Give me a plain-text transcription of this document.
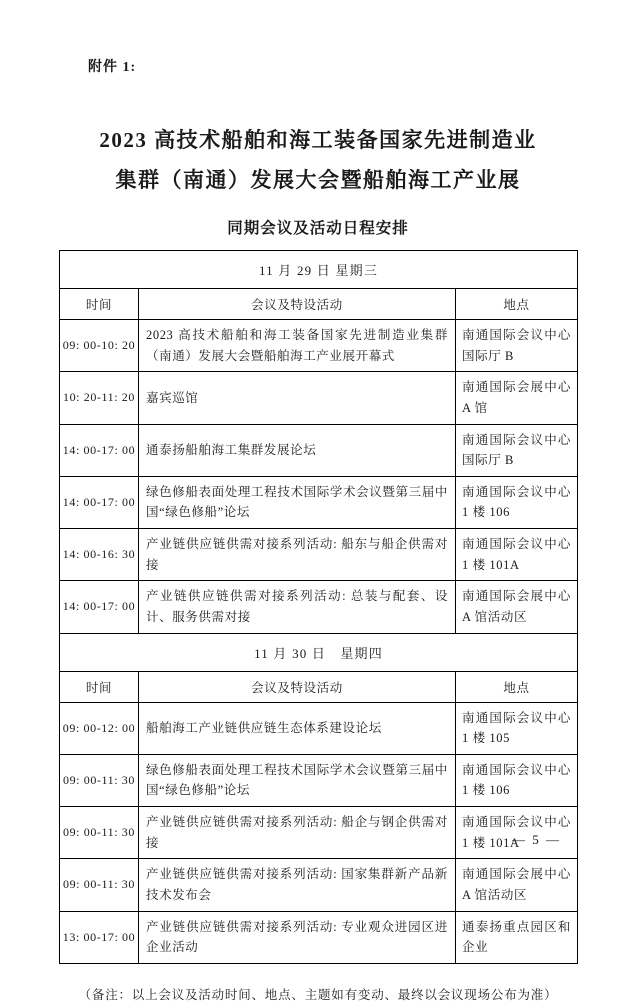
附件 1:
2023 高技术船舶和海工装备国家先进制造业
集群（南通）发展大会暨船舶海工产业展
同期会议及活动日程安排
11 月 29 日 星期三		
时间	会议及特设活动	地点
09: 00-10: 20	2023 高技术船舶和海工装备国家先进制造业集群（南通）发展大会暨船舶海工产业展开幕式	南通国际会议中心国际厅 B
10: 20-11: 20	嘉宾巡馆	南通国际会展中心 A 馆
14: 00-17: 00	通泰扬船舶海工集群发展论坛	南通国际会议中心国际厅 B
14: 00-17: 00	绿色修船表面处理工程技术国际学术会议暨第三届中国“绿色修船”论坛	南通国际会议中心 1 楼 106
14: 00-16: 30	产业链供应链供需对接系列活动: 船东与船企供需对接	南通国际会议中心 1 楼 101A
14: 00-17: 00	产业链供应链供需对接系列活动: 总装与配套、设计、服务供需对接	南通国际会展中心 A 馆活动区
11 月 30 日　星期四		
时间	会议及特设活动	地点
09: 00-12: 00	船舶海工产业链供应链生态体系建设论坛	南通国际会议中心 1 楼 105
09: 00-11: 30	绿色修船表面处理工程技术国际学术会议暨第三届中国“绿色修船”论坛	南通国际会议中心 1 楼 106
09: 00-11: 30	产业链供应链供需对接系列活动: 船企与钢企供需对接	南通国际会议中心 1 楼 101A
09: 00-11: 30	产业链供应链供需对接系列活动: 国家集群新产品新技术发布会	南通国际会展中心 A 馆活动区
13: 00-17: 00	产业链供应链供需对接系列活动: 专业观众进园区进企业活动	通泰扬重点园区和企业
（备注：以上会议及活动时间、地点、主题如有变动、最终以会议现场公布为准）
— 5 —
